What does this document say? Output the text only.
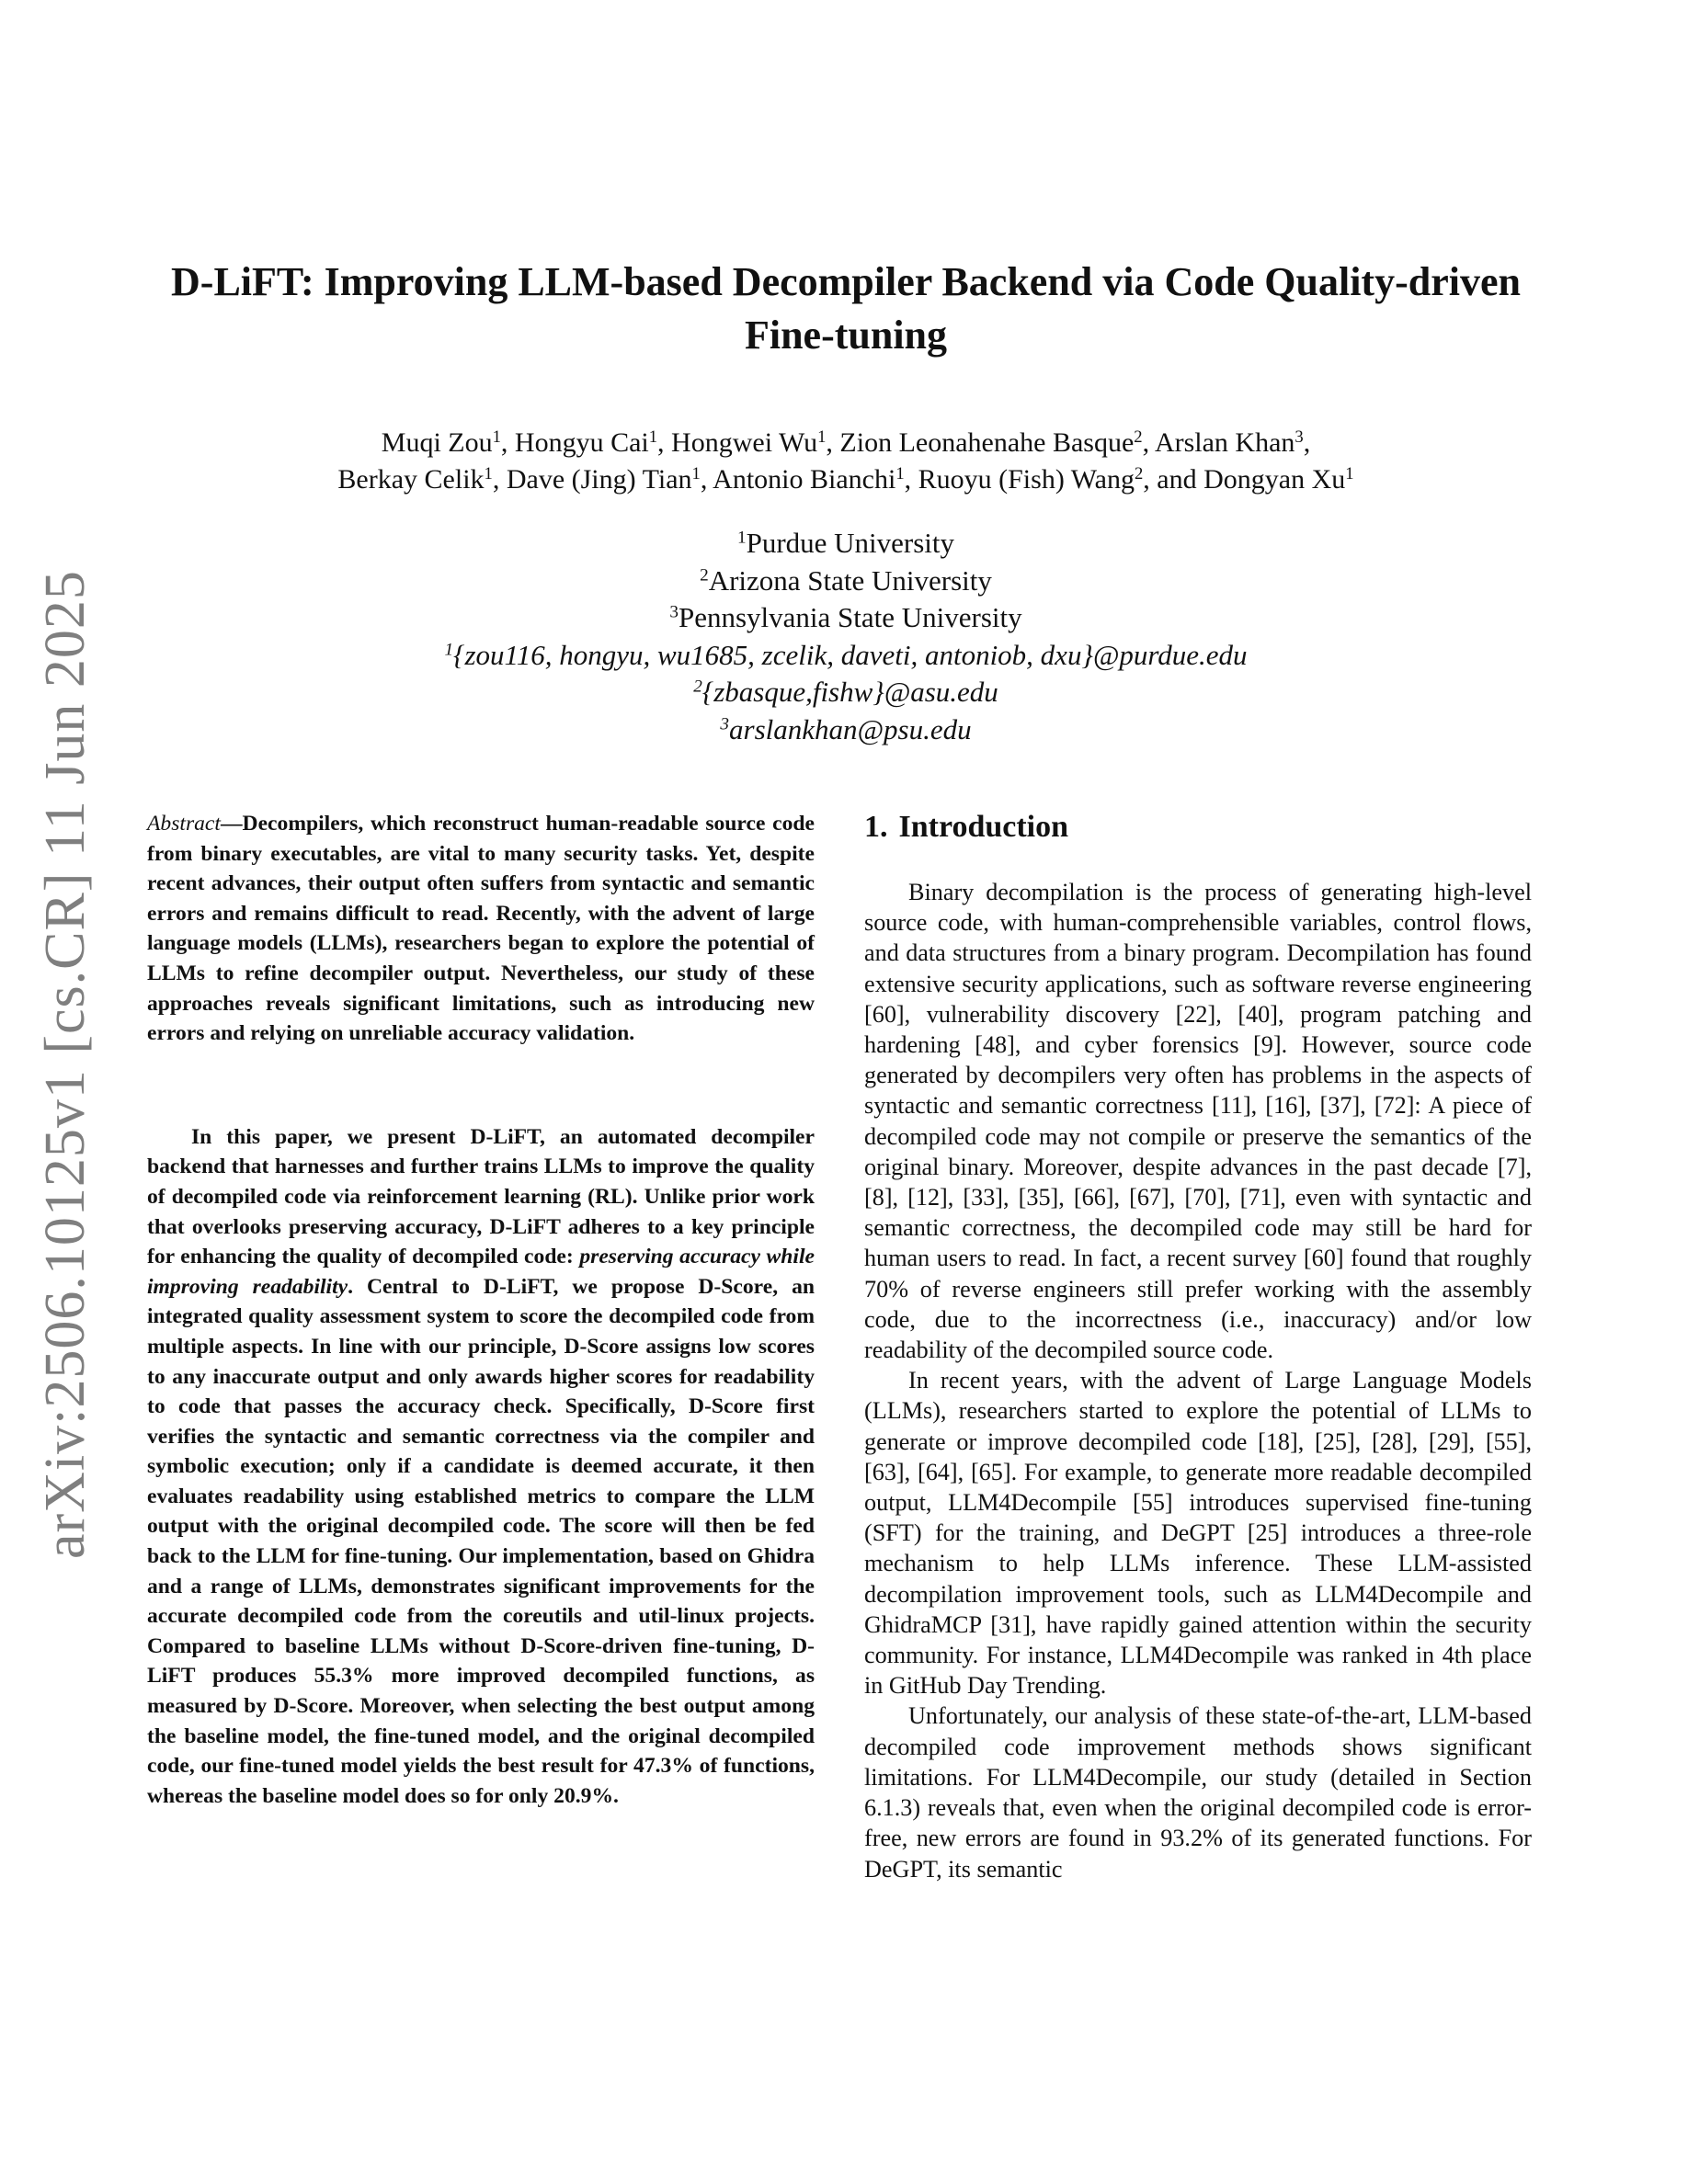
arXiv:2506.10125v1 [cs.CR] 11 Jun 2025
D-LiFT: Improving LLM-based Decompiler Backend via Code Quality-driven
Fine-tuning
Muqi Zou$^1$, Hongyu Cai$^1$, Hongwei Wu$^1$, Zion Leonahenahe Basque$^2$, Arslan Khan$^3$,
Berkay Celik$^1$, Dave (Jing) Tian$^1$, Antonio Bianchi$^1$, Ruoyu (Fish) Wang$^2$, and Dongyan Xu$^1$
$^1$Purdue University
$^2$Arizona State University
$^3$Pennsylvania State University
$^1${zou116, hongyu, wu1685, zcelik, daveti, antoniob, dxu}@purdue.edu
$^2${zbasque,fishw}@asu.edu
$^3$arslankhan@psu.edu

Abstract—Decompilers, which reconstruct human-readable source code from binary executables, are vital to many security tasks. Yet, despite recent advances, their output often suffers from syntactic and semantic errors and remains difficult to read. Recently, with the advent of large language models (LLMs), researchers began to explore the potential of LLMs to refine decompiler output. Nevertheless, our study of these approaches reveals significant limitations, such as introducing new errors and relying on unreliable accuracy validation.

In this paper, we present D-LiFT, an automated decompiler backend that harnesses and further trains LLMs to improve the quality of decompiled code via reinforcement learning (RL). Unlike prior work that overlooks preserving accuracy, D-LiFT adheres to a key principle for enhancing the quality of decompiled code: preserving accuracy while improving readability. Central to D-LiFT, we propose D-Score, an integrated quality assessment system to score the decompiled code from multiple aspects. In line with our principle, D-Score assigns low scores to any inaccurate output and only awards higher scores for readability to code that passes the accuracy check. Specifically, D-Score first verifies the syntactic and semantic correctness via the compiler and symbolic execution; only if a candidate is deemed accurate, it then evaluates readability using established metrics to compare the LLM output with the original decompiled code. The score will then be fed back to the LLM for fine-tuning. Our implementation, based on Ghidra and a range of LLMs, demonstrates significant improvements for the accurate decompiled code from the coreutils and util-linux projects. Compared to baseline LLMs without D-Score-driven fine-tuning, D-LiFT produces 55.3% more improved decompiled functions, as measured by D-Score. Moreover, when selecting the best output among the baseline model, the fine-tuned model, and the original decompiled code, our fine-tuned model yields the best result for 47.3% of functions, whereas the baseline model does so for only 20.9%.

1. Introduction

Binary decompilation is the process of generating high-level source code, with human-comprehensible variables, control flows, and data structures from a binary program. Decompilation has found extensive security applications, such as software reverse engineering [60], vulnerability discovery [22], [40], program patching and hardening [48], and cyber forensics [9]. However, source code generated by decompilers very often has problems in the aspects of syntactic and semantic correctness [11], [16], [37], [72]: A piece of decompiled code may not compile or preserve the semantics of the original binary. Moreover, despite advances in the past decade [7], [8], [12], [33], [35], [66], [67], [70], [71], even with syntactic and semantic correctness, the decompiled code may still be hard for human users to read. In fact, a recent survey [60] found that roughly 70% of reverse engineers still prefer working with the assembly code, due to the incorrectness (i.e., inaccuracy) and/or low readability of the decompiled source code.

In recent years, with the advent of Large Language Models (LLMs), researchers started to explore the potential of LLMs to generate or improve decompiled code [18], [25], [28], [29], [55], [63], [64], [65]. For example, to generate more readable decompiled output, LLM4Decompile [55] introduces supervised fine-tuning (SFT) for the training, and DeGPT [25] introduces a three-role mechanism to help LLMs inference. These LLM-assisted decompilation improvement tools, such as LLM4Decompile and GhidraMCP [31], have rapidly gained attention within the security community. For instance, LLM4Decompile was ranked in 4th place in GitHub Day Trending.

Unfortunately, our analysis of these state-of-the-art, LLM-based decompiled code improvement methods shows significant limitations. For LLM4Decompile, our study (detailed in Section 6.1.3) reveals that, even when the original decompiled code is error-free, new errors are found in 93.2% of its generated functions. For DeGPT, its semantic
